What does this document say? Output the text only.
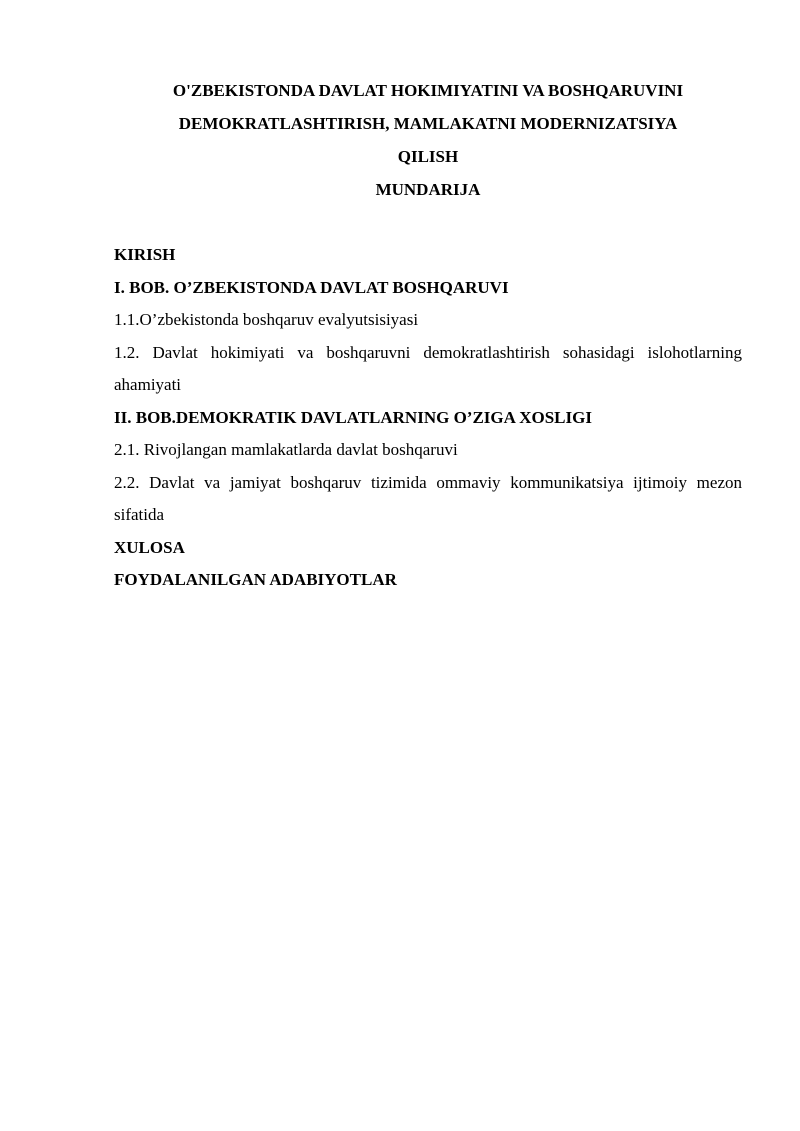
O'ZBEKISTONDA DAVLAT HOKIMIYATINI VA BOSHQARUVINI
DEMOKRATLASHTIRISH, MAMLAKATNI MODERNIZATSIYA
QILISH
MUNDARIJA
KIRISH
I. BOB. O’ZBEKISTONDA DAVLAT BOSHQARUVI
1.1.O’zbekistonda boshqaruv evalyutsisiyasi
1.2. Davlat hokimiyati va boshqaruvni demokratlashtirish sohasidagi islohotlarning ahamiyati
II. BOB.DEMOKRATIK DAVLATLARNING O’ZIGA XOSLIGI
2.1. Rivojlangan mamlakatlarda davlat boshqaruvi
2.2. Davlat va jamiyat boshqaruv tizimida ommaviy kommunikatsiya ijtimoiy mezon sifatida
XULOSA
FOYDALANILGAN ADABIYOTLAR
